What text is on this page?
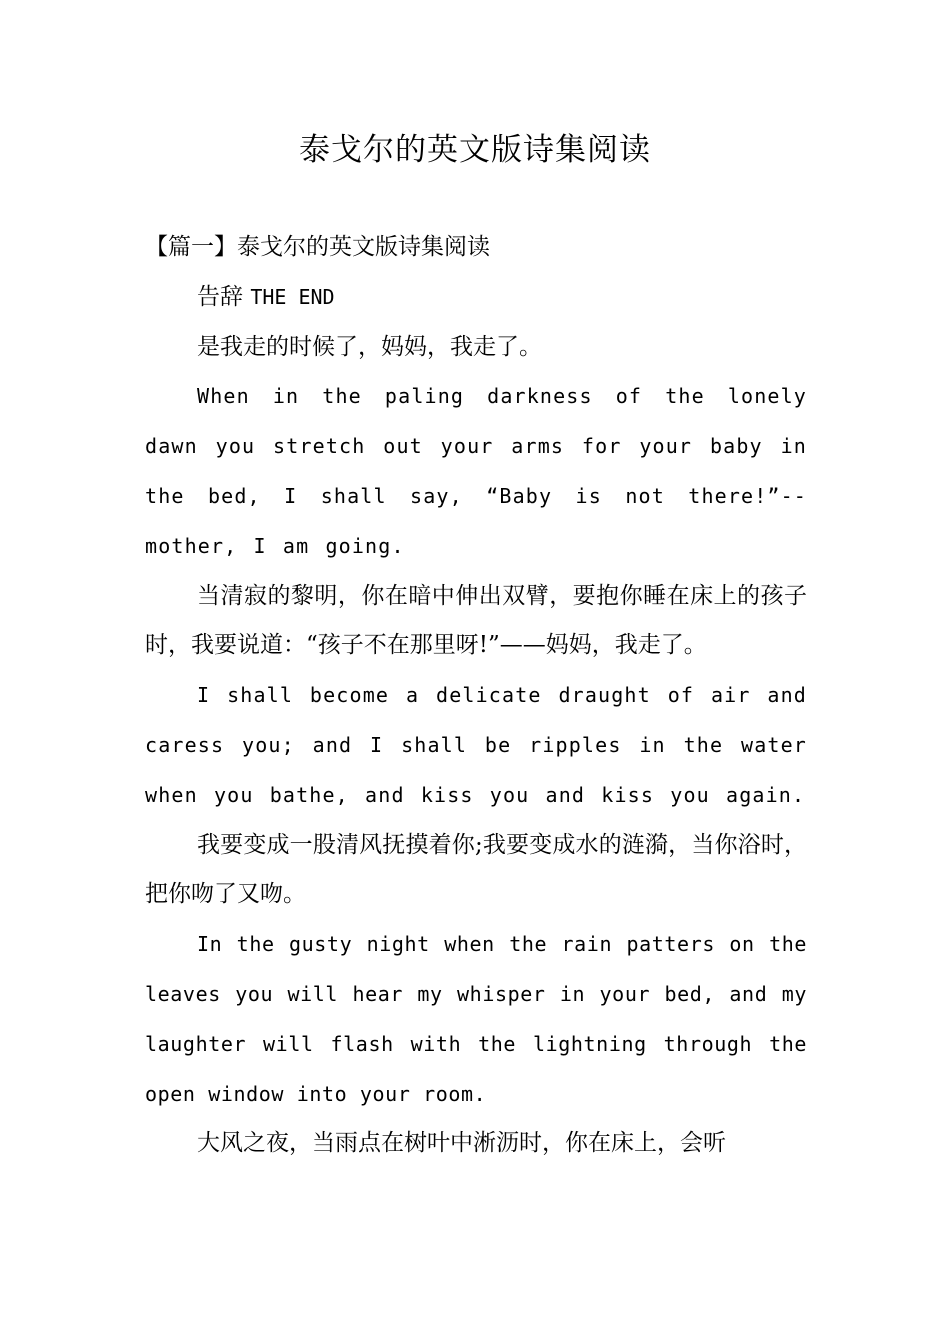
泰戈尔的英文版诗集阅读

【篇一】泰戈尔的英文版诗集阅读

告辞 THE END

是我走的时候了，妈妈，我走了。

When in the paling darkness of the lonely dawn you stretch out your arms for your baby in the bed, I shall say, “Baby is not there!”--mother, I am going.

当清寂的黎明，你在暗中伸出双臂，要抱你睡在床上的孩子时，我要说道：“孩子不在那里呀!”——妈妈，我走了。

I shall become a delicate draught of air and caress you; and I shall be ripples in the water when you bathe, and kiss you and kiss you again.

我要变成一股清风抚摸着你;我要变成水的涟漪，当你浴时，把你吻了又吻。

In the gusty night when the rain patters on the leaves you will hear my whisper in your bed, and my laughter will flash with the lightning through the open window into your room.

大风之夜，当雨点在树叶中淅沥时，你在床上，会听
